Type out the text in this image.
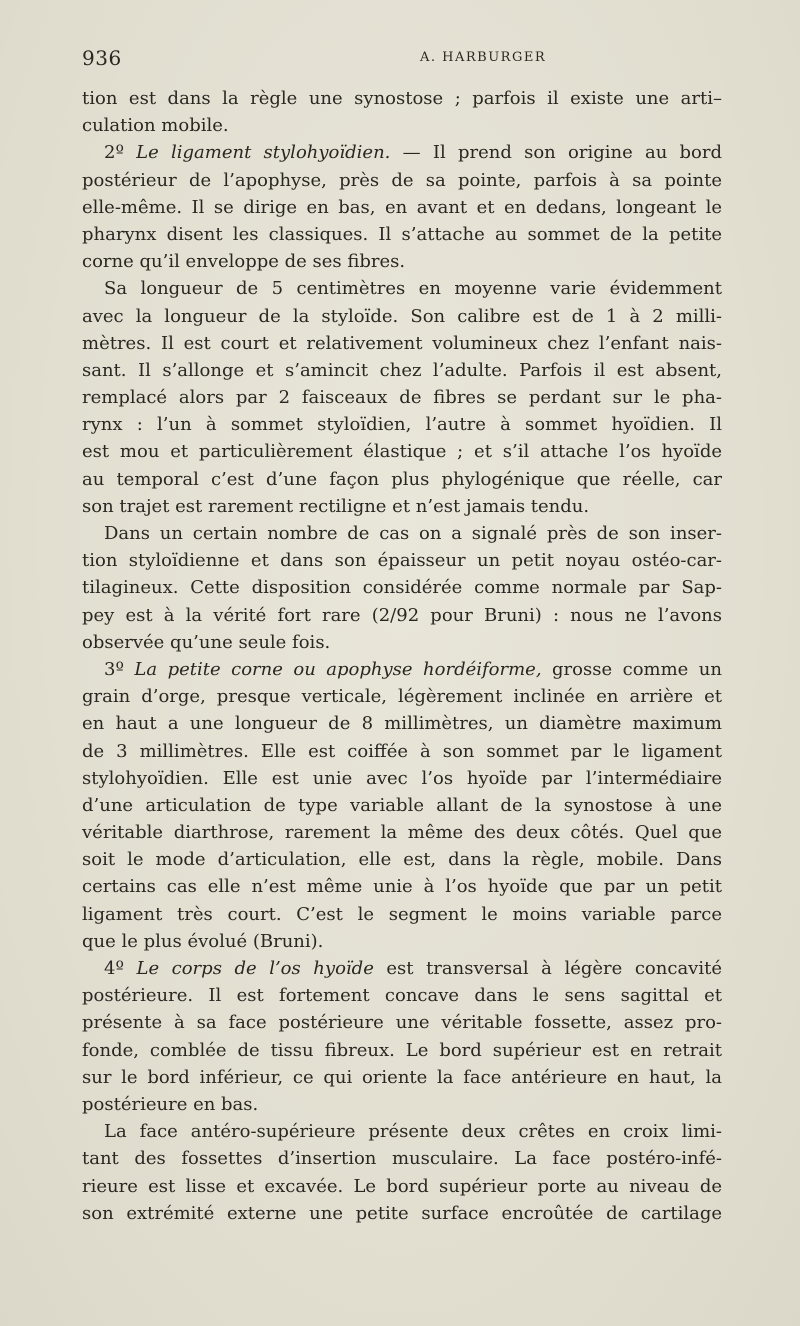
936	A. HARBURGER
tion est dans la règle une synostose ; parfois il existe une arti–
culation mobile.
2º Le ligament stylohyoïdien. — Il prend son origine au bord
postérieur de l’apophyse, près de sa pointe, parfois à sa pointe
elle-même. Il se dirige en bas, en avant et en dedans, longeant le
pharynx disent les classiques. Il s’attache au sommet de la petite
corne qu’il enveloppe de ses fibres.
Sa longueur de 5 centimètres en moyenne varie évidemment
avec la longueur de la styloïde. Son calibre est de 1 à 2 milli-
mètres. Il est court et relativement volumineux chez l’enfant nais-
sant. Il s’allonge et s’amincit chez l’adulte. Parfois il est absent,
remplacé alors par 2 faisceaux de fibres se perdant sur le pha-
rynx : l’un à sommet styloïdien, l’autre à sommet hyoïdien. Il
est mou et particulièrement élastique ; et s’il attache l’os hyoïde
au temporal c’est d’une façon plus phylogénique que réelle, car
son trajet est rarement rectiligne et n’est jamais tendu.
Dans un certain nombre de cas on a signalé près de son inser-
tion styloïdienne et dans son épaisseur un petit noyau ostéo-car-
tilagineux. Cette disposition considérée comme normale par Sap-
pey est à la vérité fort rare (2/92 pour Bruni) : nous ne l’avons
observée qu’une seule fois.
3º La petite corne ou apophyse hordéiforme, grosse comme un
grain d’orge, presque verticale, légèrement inclinée en arrière et
en haut a une longueur de 8 millimètres, un diamètre maximum
de 3 millimètres. Elle est coiffée à son sommet par le ligament
stylohyoïdien. Elle est unie avec l’os hyoïde par l’intermédiaire
d’une articulation de type variable allant de la synostose à une
véritable diarthrose, rarement la même des deux côtés. Quel que
soit le mode d’articulation, elle est, dans la règle, mobile. Dans
certains cas elle n’est même unie à l’os hyoïde que par un petit
ligament très court. C’est le segment le moins variable parce
que le plus évolué (Bruni).
4º Le corps de l’os hyoïde est transversal à légère concavité
postérieure. Il est fortement concave dans le sens sagittal et
présente à sa face postérieure une véritable fossette, assez pro-
fonde, comblée de tissu fibreux. Le bord supérieur est en retrait
sur le bord inférieur, ce qui oriente la face antérieure en haut, la
postérieure en bas.
La face antéro-supérieure présente deux crêtes en croix limi-
tant des fossettes d’insertion musculaire. La face postéro-infé-
rieure est lisse et excavée. Le bord supérieur porte au niveau de
son extrémité externe une petite surface encroûtée de cartilage
